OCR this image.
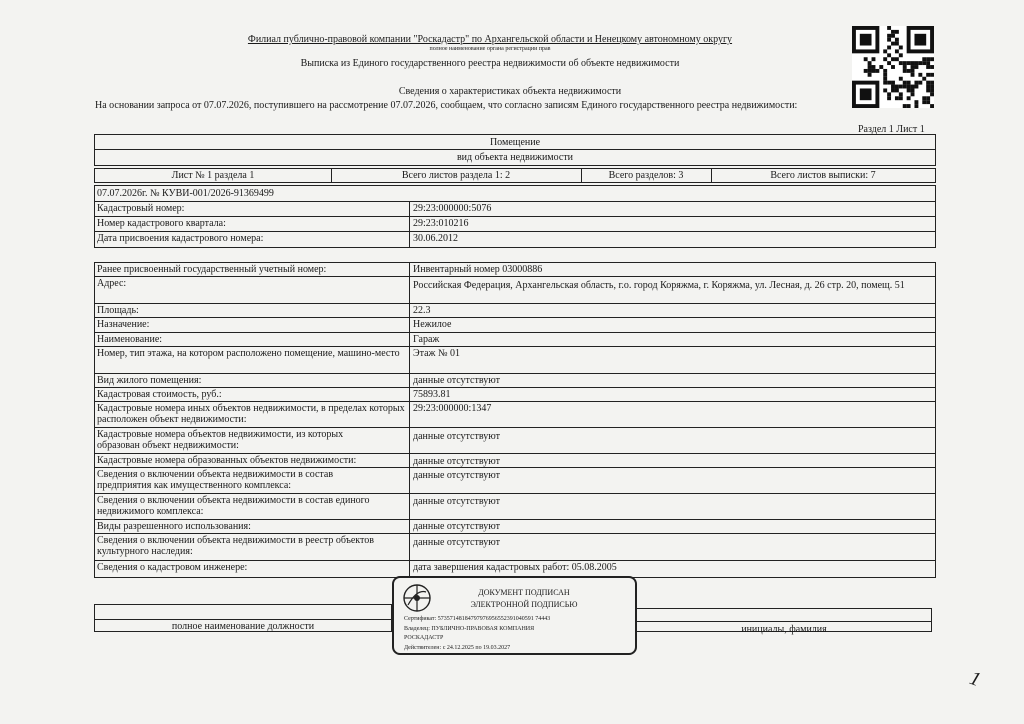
Филиал публично-правовой компании "Роскадастр" по Архангельской области и Ненецкому автономному округу
полное наименование органа регистрации прав
Выписка из Единого государственного реестра недвижимости об объекте недвижимости
Сведения о характеристиках объекта недвижимости
На основании запроса от 07.07.2026, поступившего на рассмотрение 07.07.2026, сообщаем, что согласно записям Единого государственного реестра недвижимости:
Раздел 1 Лист 1
Помещение
вид объекта недвижимости
Лист № 1 раздела 1	Всего листов раздела 1: 2	Всего разделов: 3	Всего листов выписки: 7
07.07.2026г. № КУВИ-001/2026-91369499
Кадастровый номер:	29:23:000000:5076
Номер кадастрового квартала:	29:23:010216
Дата присвоения кадастрового номера:	30.06.2012
Ранее присвоенный государственный учетный номер:	Инвентарный номер 03000886
Адрес:	Российская Федерация, Архангельская область, г.о. город Коряжма, г. Коряжма, ул. Лесная, д. 26 стр. 20, помещ. 51
Площадь:	22.3
Назначение:	Нежилое
Наименование:	Гараж
Номер, тип этажа, на котором расположено помещение, машино-место	Этаж № 01
Вид жилого помещения:	данные отсутствуют
Кадастровая стоимость, руб.:	75893.81
Кадастровые номера иных объектов недвижимости, в пределах которых расположен объект недвижимости:
29:23:000000:1347
Кадастровые номера объектов недвижимости, из которых образован объект недвижимости:
данные отсутствуют
Кадастровые номера образованных объектов недвижимости:	данные отсутствуют
Сведения о включении объекта недвижимости в состав предприятия как имущественного комплекса:
данные отсутствуют
Сведения о включении объекта недвижимости в состав единого недвижимого комплекса:
данные отсутствуют
Виды разрешенного использования:	данные отсутствуют
Сведения о включении объекта недвижимости в реестр объектов культурного наследия:
данные отсутствуют
Сведения о кадастровом инженере:	дата завершения кадастровых работ: 05.08.2005
полное наименование должности	инициалы, фамилия
ДОКУМЕНТ ПОДПИСАН
ЭЛЕКТРОННОЙ ПОДПИСЬЮ
Сертификат: 57357148184797976956552391040591 74443
Владелец: ПУБЛИЧНО-ПРАВОВАЯ КОМПАНИЯ
РОСКАДАСТР
Действителен: с 24.12.2025 по 19.03.2027
1
